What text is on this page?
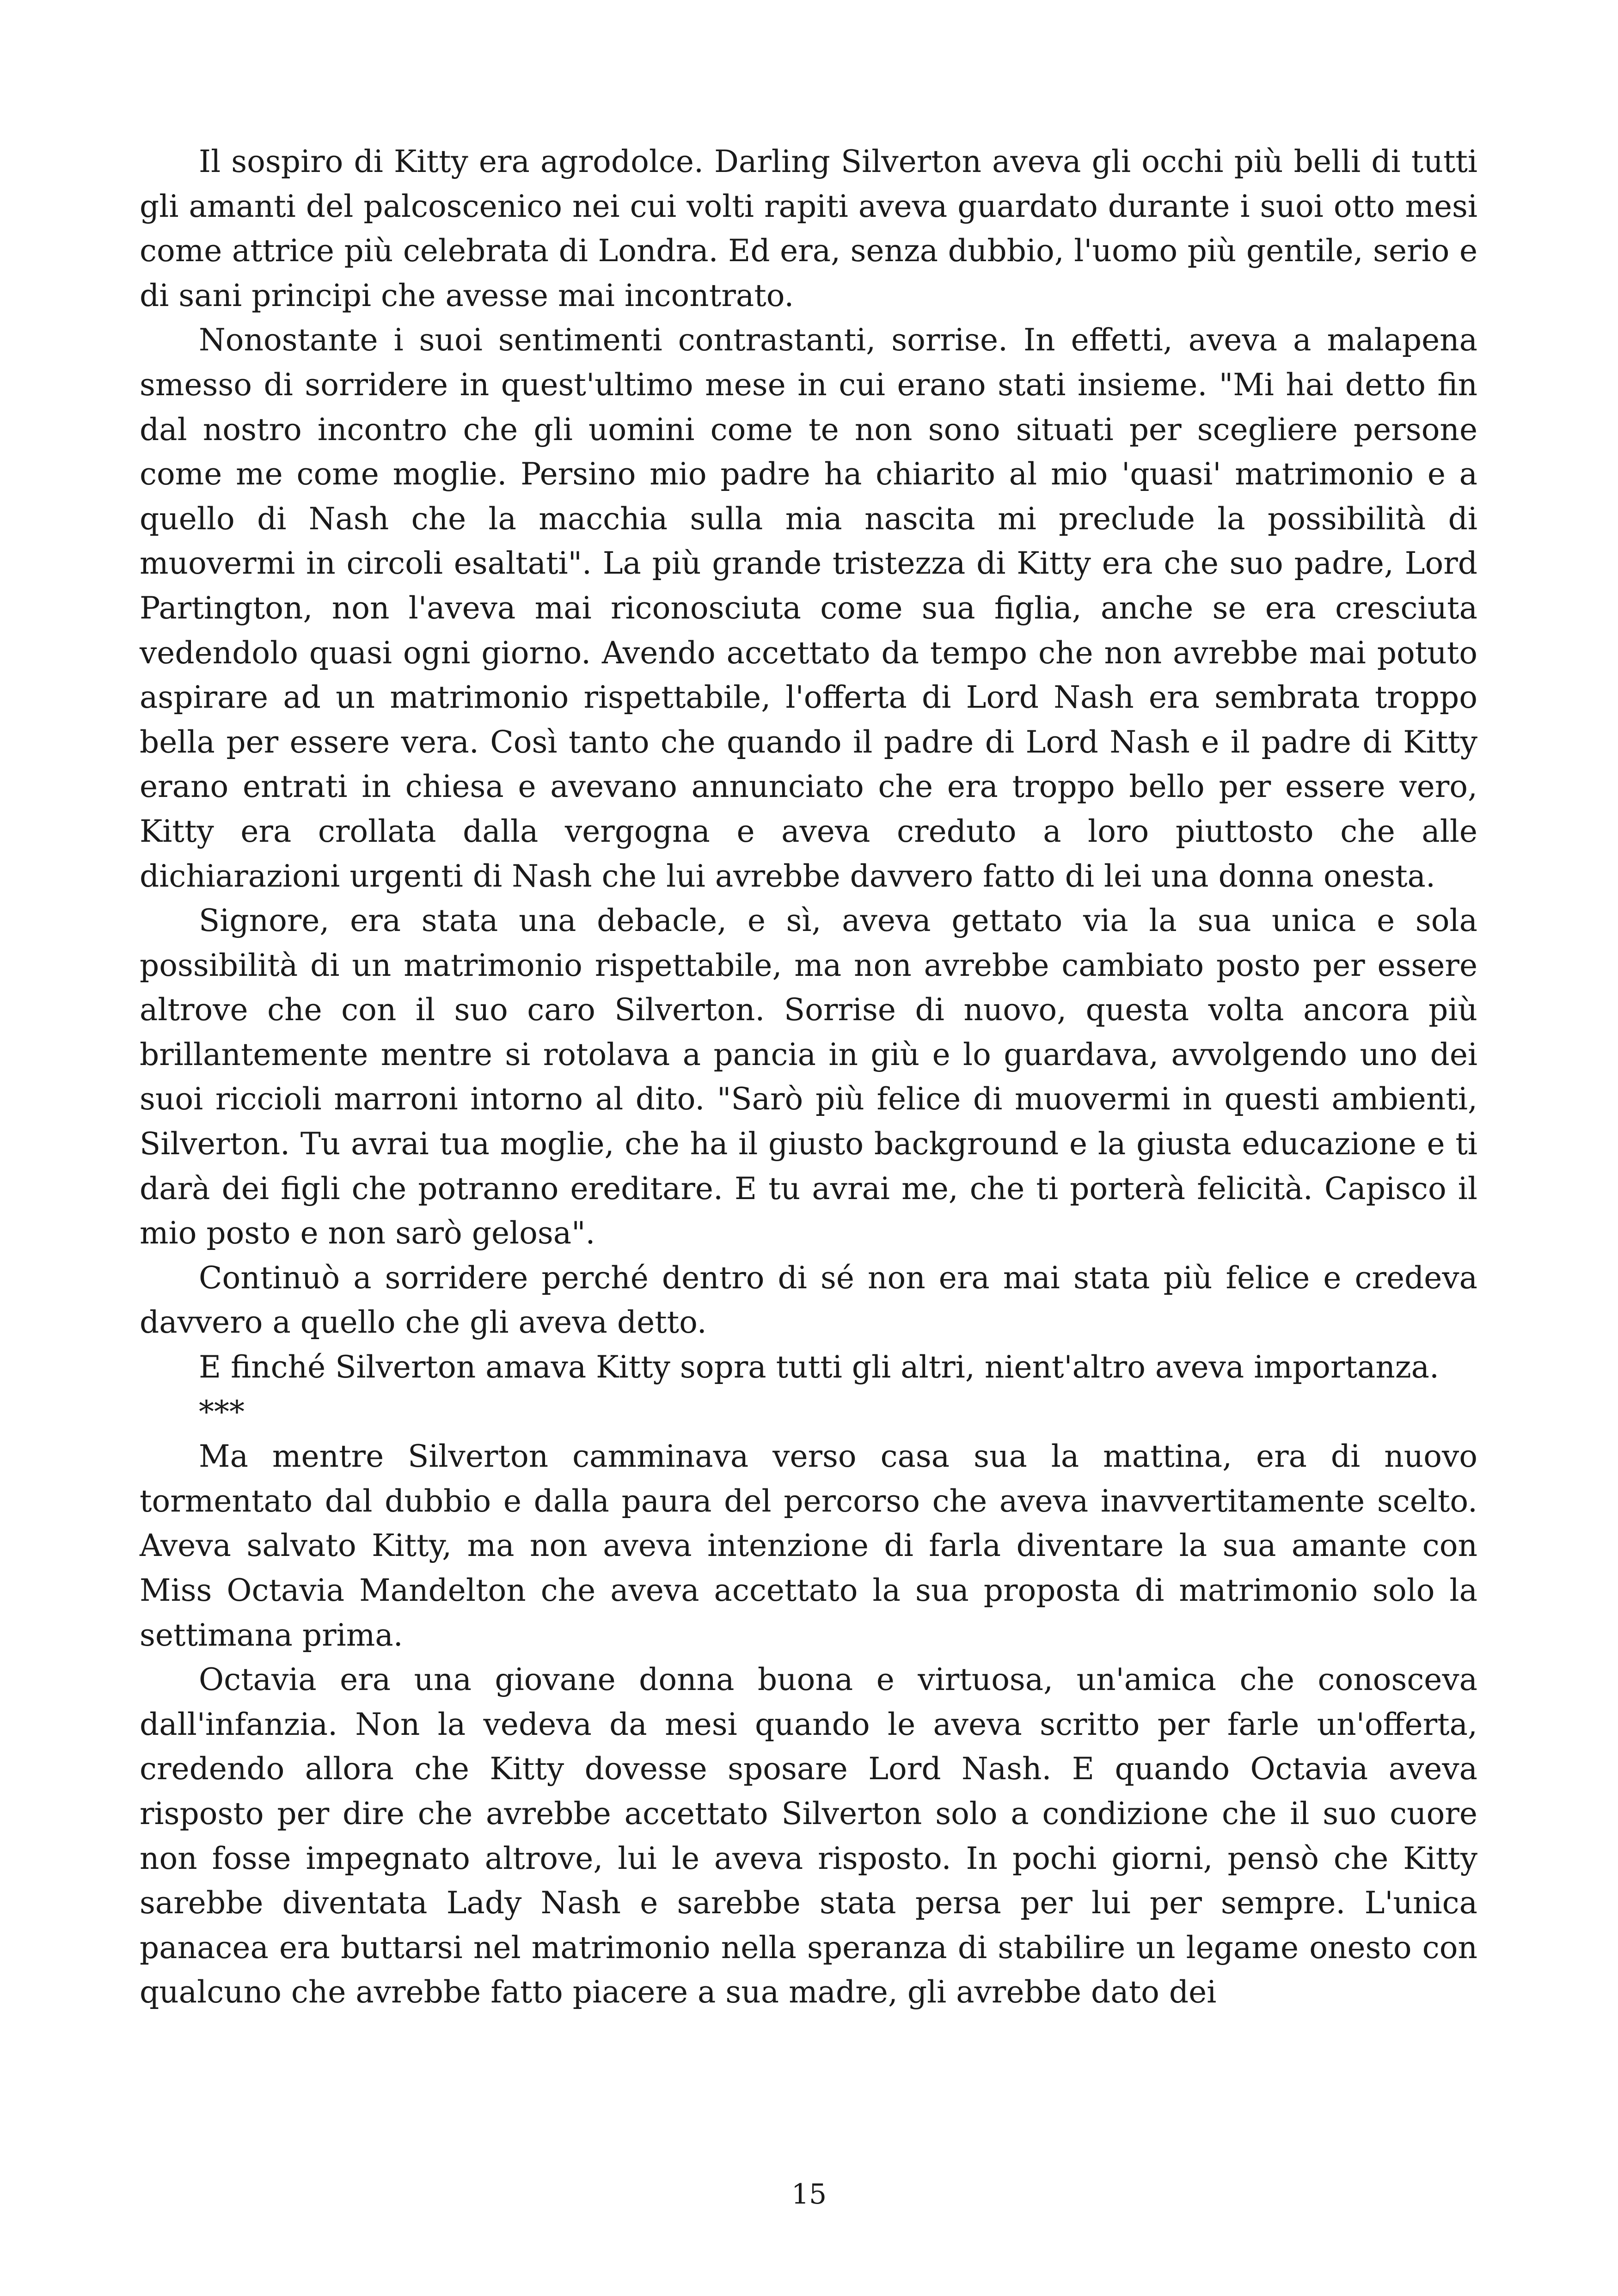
Il sospiro di Kitty era agrodolce. Darling Silverton aveva gli occhi più belli di tutti gli amanti del palcoscenico nei cui volti rapiti aveva guardato durante i suoi otto mesi come attrice più celebrata di Londra. Ed era, senza dubbio, l'uomo più gentile, serio e di sani principi che avesse mai incontrato.

Nonostante i suoi sentimenti contrastanti, sorrise. In effetti, aveva a malapena smesso di sorridere in quest'ultimo mese in cui erano stati insieme. "Mi hai detto fin dal nostro incontro che gli uomini come te non sono situati per scegliere persone come me come moglie. Persino mio padre ha chiarito al mio 'quasi' matrimonio e a quello di Nash che la macchia sulla mia nascita mi preclude la possibilità di muovermi in circoli esaltati". La più grande tristezza di Kitty era che suo padre, Lord Partington, non l'aveva mai riconosciuta come sua figlia, anche se era cresciuta vedendolo quasi ogni giorno. Avendo accettato da tempo che non avrebbe mai potuto aspirare ad un matrimonio rispettabile, l'offerta di Lord Nash era sembrata troppo bella per essere vera. Così tanto che quando il padre di Lord Nash e il padre di Kitty erano entrati in chiesa e avevano annunciato che era troppo bello per essere vero, Kitty era crollata dalla vergogna e aveva creduto a loro piuttosto che alle dichiarazioni urgenti di Nash che lui avrebbe davvero fatto di lei una donna onesta.

Signore, era stata una debacle, e sì, aveva gettato via la sua unica e sola possibilità di un matrimonio rispettabile, ma non avrebbe cambiato posto per essere altrove che con il suo caro Silverton. Sorrise di nuovo, questa volta ancora più brillantemente mentre si rotolava a pancia in giù e lo guardava, avvolgendo uno dei suoi riccioli marroni intorno al dito. "Sarò più felice di muovermi in questi ambienti, Silverton. Tu avrai tua moglie, che ha il giusto background e la giusta educazione e ti darà dei figli che potranno ereditare. E tu avrai me, che ti porterà felicità. Capisco il mio posto e non sarò gelosa".

Continuò a sorridere perché dentro di sé non era mai stata più felice e credeva davvero a quello che gli aveva detto.

E finché Silverton amava Kitty sopra tutti gli altri, nient'altro aveva importanza.

***

Ma mentre Silverton camminava verso casa sua la mattina, era di nuovo tormentato dal dubbio e dalla paura del percorso che aveva inavvertitamente scelto. Aveva salvato Kitty, ma non aveva intenzione di farla diventare la sua amante con Miss Octavia Mandelton che aveva accettato la sua proposta di matrimonio solo la settimana prima.

Octavia era una giovane donna buona e virtuosa, un'amica che conosceva dall'infanzia. Non la vedeva da mesi quando le aveva scritto per farle un'offerta, credendo allora che Kitty dovesse sposare Lord Nash. E quando Octavia aveva risposto per dire che avrebbe accettato Silverton solo a condizione che il suo cuore non fosse impegnato altrove, lui le aveva risposto. In pochi giorni, pensò che Kitty sarebbe diventata Lady Nash e sarebbe stata persa per lui per sempre. L'unica panacea era buttarsi nel matrimonio nella speranza di stabilire un legame onesto con qualcuno che avrebbe fatto piacere a sua madre, gli avrebbe dato dei

15
